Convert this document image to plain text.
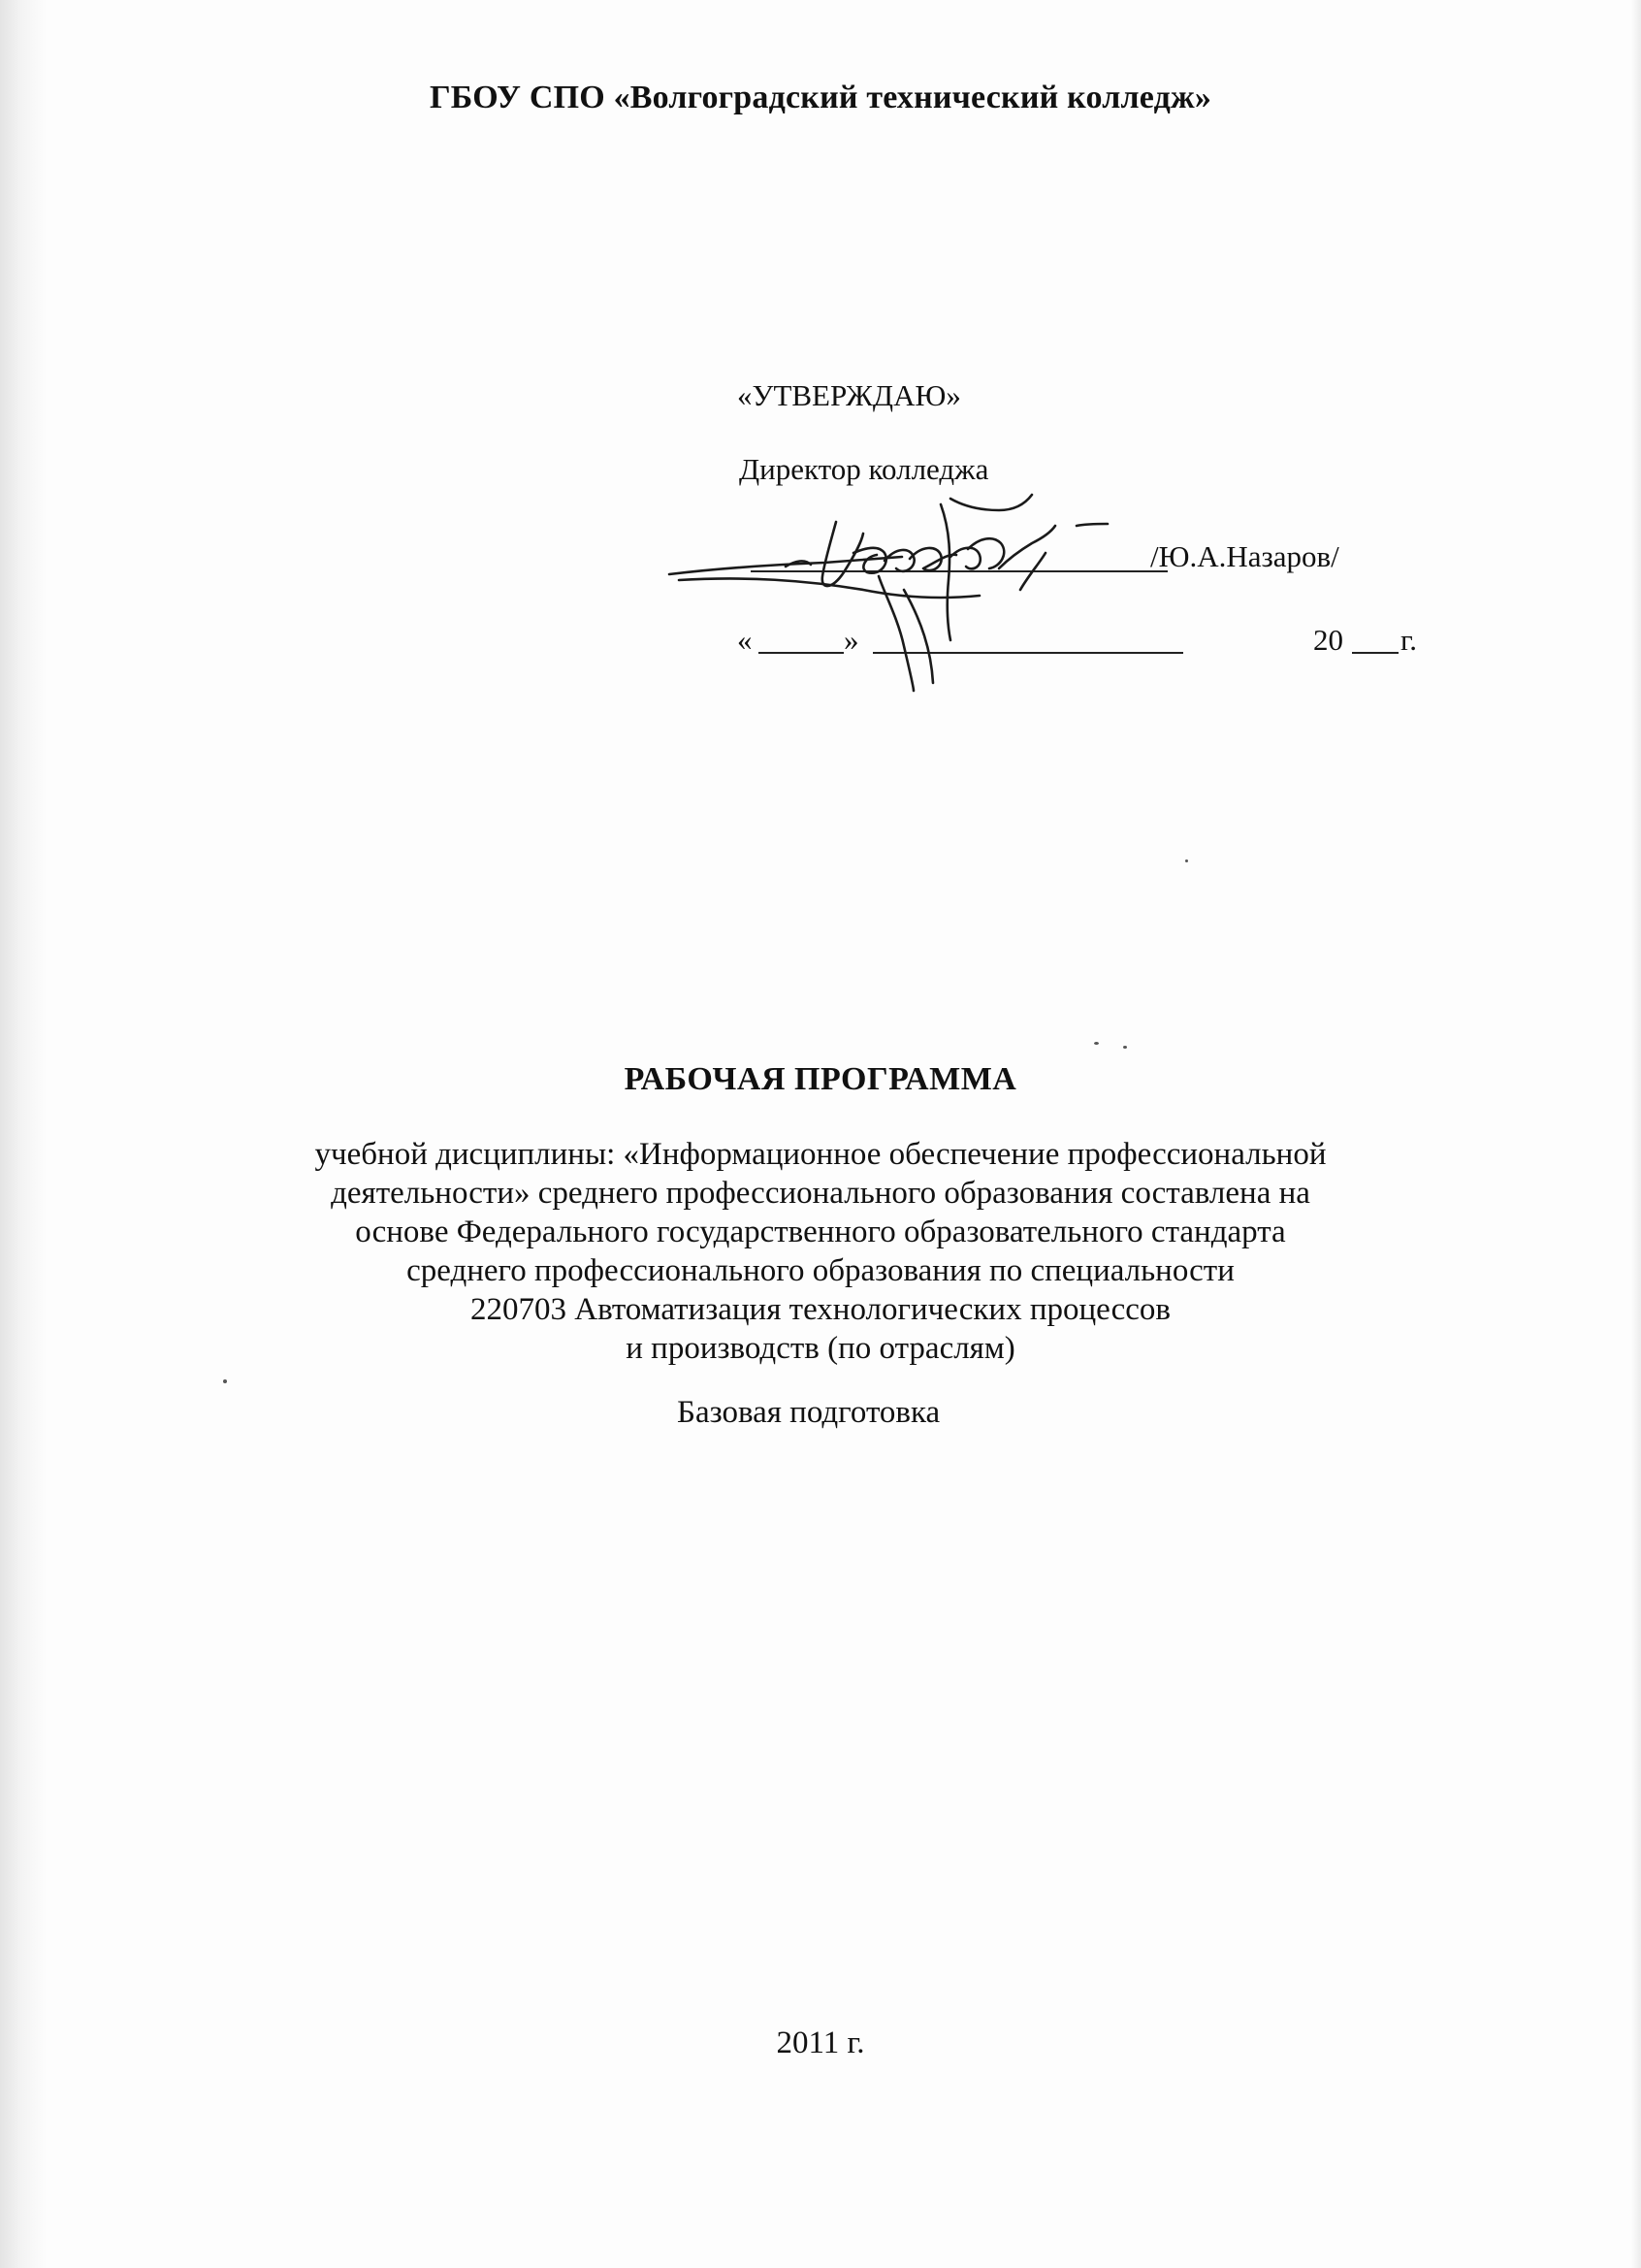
ГБОУ СПО «Волгоградский технический колледж»
«УТВЕРЖДАЮ»
Директор колледжа
/Ю.А.Назаров/
«	»	20 г.
РАБОЧАЯ ПРОГРАММА
учебной дисциплины: «Информационное обеспечение профессиональной
деятельности» среднего профессионального образования составлена на
основе Федерального государственного образовательного стандарта
среднего профессионального образования по специальности
220703 Автоматизация технологических процессов
и производств (по отраслям)
Базовая подготовка
2011 г.
